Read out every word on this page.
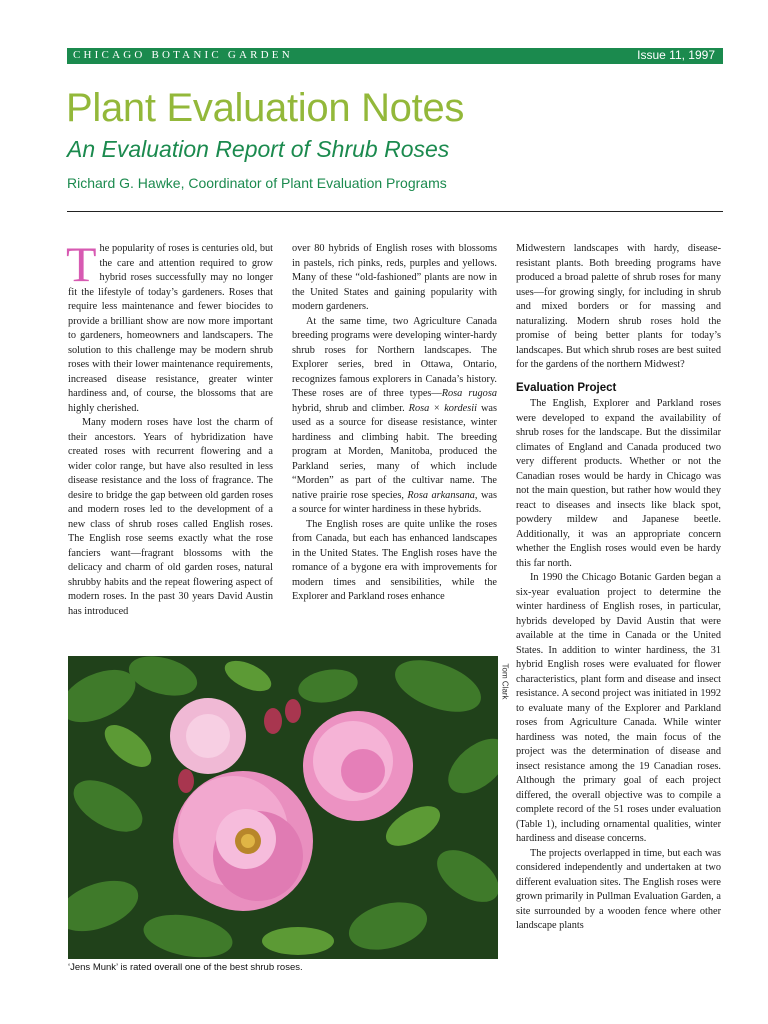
CHICAGO BOTANIC GARDEN	Issue 11, 1997
Plant Evaluation Notes
An Evaluation Report of Shrub Roses
Richard G. Hawke, Coordinator of Plant Evaluation Programs

The popularity of roses is centuries old, but the care and attention required to grow hybrid roses successfully may no longer fit the lifestyle of today’s gardeners. Roses that require less maintenance and fewer biocides to provide a brilliant show are now more important to gardeners, homeowners and landscapers. The solution to this challenge may be modern shrub roses with their lower maintenance requirements, increased disease resistance, greater winter hardiness and, of course, the blossoms that are highly cherished.

Many modern roses have lost the charm of their ancestors. Years of hybridization have created roses with recurrent flowering and a wider color range, but have also resulted in less disease resistance and the loss of fragrance. The desire to bridge the gap between old garden roses and modern roses led to the development of a new class of shrub roses called English roses. The English rose seems exactly what the rose fanciers want—fragrant blossoms with the delicacy and charm of old garden roses, natural shrubby habits and the repeat flowering aspect of modern roses. In the past 30 years David Austin has introduced

over 80 hybrids of English roses with blossoms in pastels, rich pinks, reds, purples and yellows. Many of these “old-fashioned” plants are now in the United States and gaining popularity with modern gardeners.

At the same time, two Agriculture Canada breeding programs were developing winter-hardy shrub roses for Northern landscapes. The Explorer series, bred in Ottawa, Ontario, recognizes famous explorers in Canada’s history. These roses are of three types—Rosa rugosa hybrid, shrub and climber. Rosa × kordesii was used as a source for disease resistance, winter hardiness and climbing habit. The breeding program at Morden, Manitoba, produced the Parkland series, many of which include “Morden” as part of the cultivar name. The native prairie rose species, Rosa arkansana, was a source for winter hardiness in these hybrids.

The English roses are quite unlike the roses from Canada, but each has enhanced landscapes in the United States. The English roses have the romance of a bygone era with improvements for modern times and sensibilities, while the Explorer and Parkland roses enhance

Midwestern landscapes with hardy, disease-resistant plants. Both breeding programs have produced a broad palette of shrub roses for many uses—for growing singly, for including in shrub and mixed borders or for massing and naturalizing. Modern shrub roses hold the promise of being better plants for today’s landscapes. But which shrub roses are best suited for the gardens of the northern Midwest?

Evaluation Project

The English, Explorer and Parkland roses were developed to expand the availability of shrub roses for the landscape. But the dissimilar climates of England and Canada produced two very different products. Whether or not the Canadian roses would be hardy in Chicago was not the main question, but rather how would they react to diseases and insects like black spot, powdery mildew and Japanese beetle. Additionally, it was an appropriate concern whether the English roses would even be hardy this far north.

In 1990 the Chicago Botanic Garden began a six-year evaluation project to determine the winter hardiness of English roses, in particular, hybrids developed by David Austin that were available at the time in Canada or the United States. In addition to winter hardiness, the 31 hybrid English roses were evaluated for flower characteristics, plant form and disease and insect resistance. A second project was initiated in 1992 to evaluate many of the Explorer and Parkland roses from Agriculture Canada. While winter hardiness was noted, the main focus of the project was the determination of disease and insect resistance among the 19 Canadian roses. Although the primary goal of each project differed, the overall objective was to compile a complete record of the 51 roses under evaluation (Table 1), including ornamental qualities, winter hardiness and disease concerns.

The projects overlapped in time, but each was considered independently and undertaken at two different evaluation sites. The English roses were grown primarily in Pullman Evaluation Garden, a site surrounded by a wooden fence where other landscape plants

Tom Clark
‘Jens Munk’ is rated overall one of the best shrub roses.
